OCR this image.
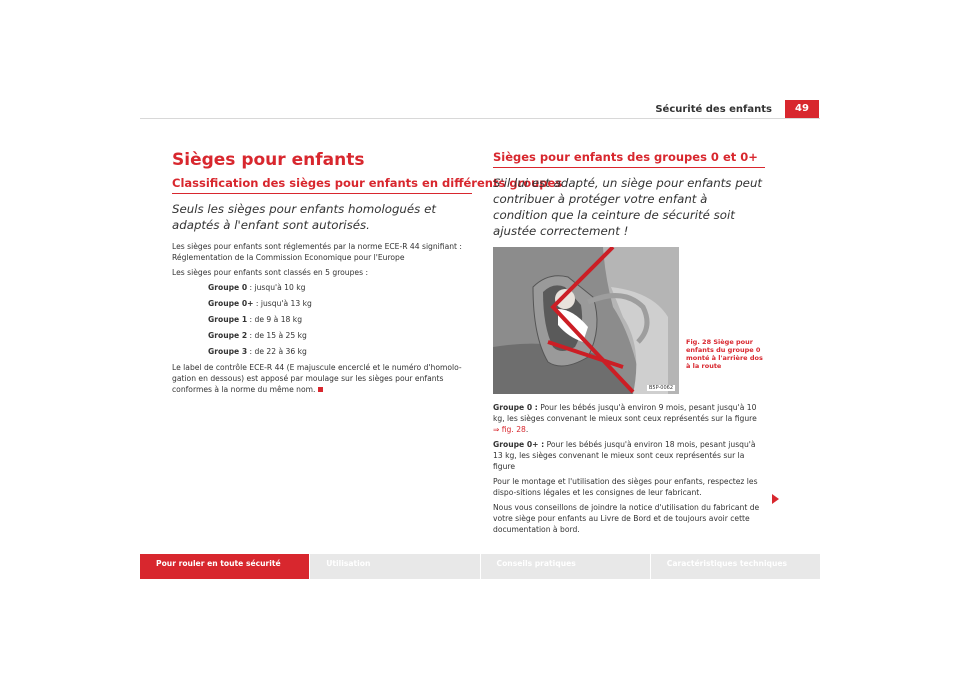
Sécurité des enfants	49
Sièges pour enfants
Classification des sièges pour enfants en différents groupes
Seuls les sièges pour enfants homologués et adaptés à l'enfant sont autorisés.

Les sièges pour enfants sont réglementés par la norme ECE-R 44 signifiant : Réglementation de la Commission Economique pour l'Europe

Les sièges pour enfants sont classés en 5 groupes :

Groupe 0 : jusqu'à 10 kg

Groupe 0+ : jusqu'à 13 kg

Groupe 1 : de 9 à 18 kg

Groupe 2 : de 15 à 25 kg

Groupe 3 : de 22 à 36 kg

Le label de contrôle ECE-R 44 (E majuscule encerclé et le numéro d'homolo-gation en dessous) est apposé par moulage sur les sièges pour enfants conformes à la norme du même nom.

Sièges pour enfants des groupes 0 et 0+
S'il lui est adapté, un siège pour enfants peut contribuer à protéger votre enfant à condition que la ceinture de sécurité soit ajustée correctement !
B5P-0062

Groupe 0 : Pour les bébés jusqu'à environ 9 mois, pesant jusqu'à 10 kg, les sièges convenant le mieux sont ceux représentés sur la figure ⇒ fig. 28.

Groupe 0+ : Pour les bébés jusqu'à environ 18 mois, pesant jusqu'à 13 kg, les sièges convenant le mieux sont ceux représentés sur la figure

Pour le montage et l'utilisation des sièges pour enfants, respectez les dispo-sitions légales et les consignes de leur fabricant.

Nous vous conseillons de joindre la notice d'utilisation du fabricant de votre siège pour enfants au Livre de Bord et de toujours avoir cette documentation à bord.

Fig. 28 Siège pour enfants du groupe 0 monté à l'arrière dos à la route
Pour rouler en toute sécurité	Utilisation	Conseils pratiques	Caractéristiques techniques
